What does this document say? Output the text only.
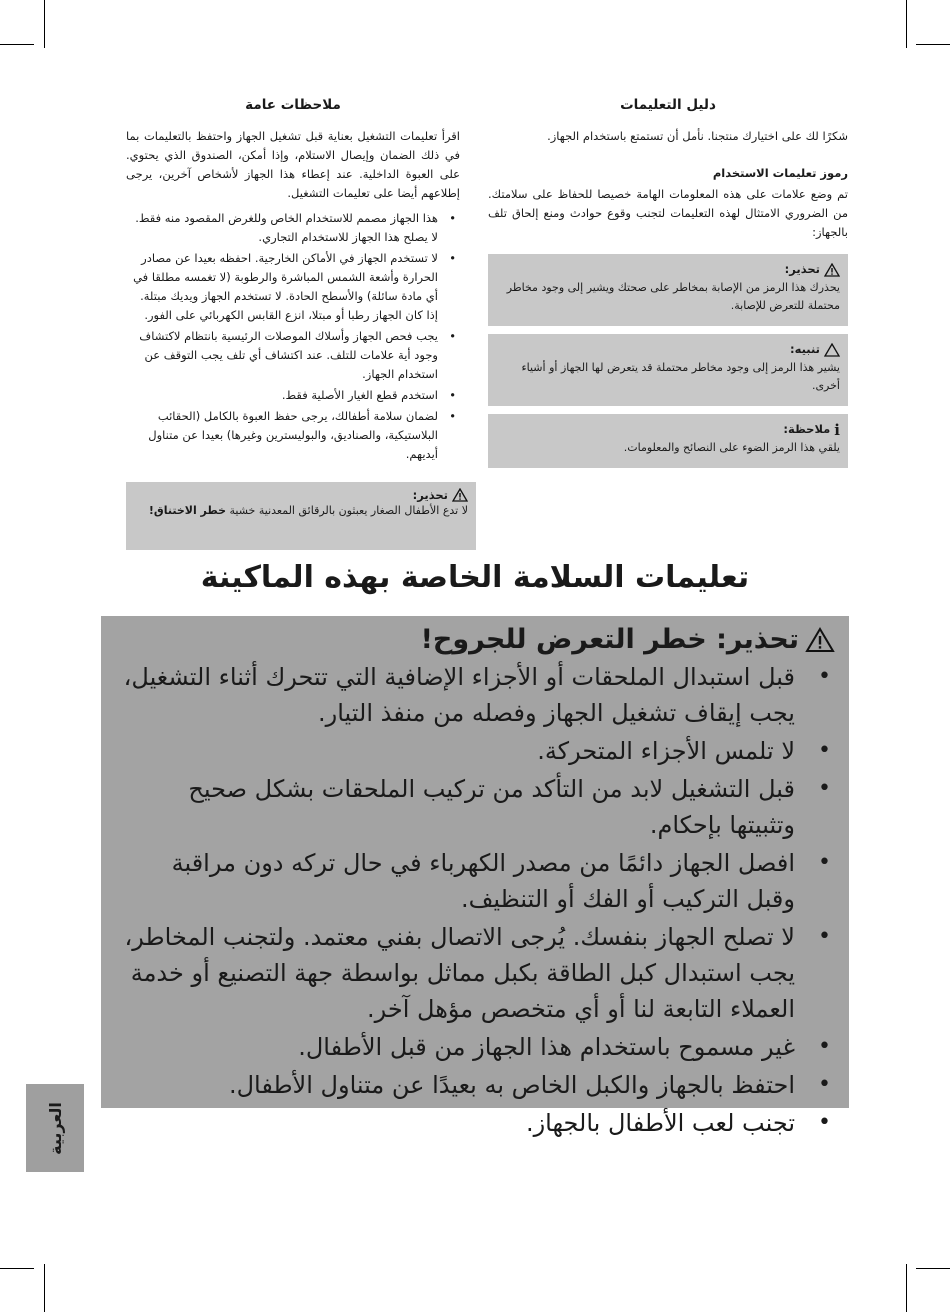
دليل التعليمات

شكرًا لك على اختيارك منتجنا. نأمل أن تستمتع باستخدام الجهاز.

رموز تعليمات الاستخدام

تم وضع علامات على هذه المعلومات الهامة خصيصا للحفاظ على سلامتك. من الضروري الامتثال لهذه التعليمات لتجنب وقوع حوادث ومنع إلحاق تلف بالجهاز:

تحذير:
يحذرك هذا الرمز من الإصابة بمخاطر على صحتك ويشير إلى وجود مخاطر محتملة للتعرض للإصابة.
تنبيه:
يشير هذا الرمز إلى وجود مخاطر محتملة قد يتعرض لها الجهاز أو أشياء أخرى.
i
ملاحظة:
يلقي هذا الرمز الضوء على النصائح والمعلومات.
ملاحظات عامة

اقرأ تعليمات التشغيل بعناية قبل تشغيل الجهاز واحتفظ بالتعليمات بما في ذلك الضمان وإيصال الاستلام، وإذا أمكن، الصندوق الذي يحتوي. على العبوة الداخلية. عند إعطاء هذا الجهاز لأشخاص آخرين، يرجى إطلاعهم أيضا على تعليمات التشغيل.

• هذا الجهاز مصمم للاستخدام الخاص وللغرض المقصود منه فقط. لا يصلح هذا الجهاز للاستخدام التجاري.
• لا تستخدم الجهاز في الأماكن الخارجية. احفظه بعيدا عن مصادر الحرارة وأشعة الشمس المباشرة والرطوبة (لا تغمسه مطلقا في أي مادة سائلة) والأسطح الحادة. لا تستخدم الجهاز ويديك مبتلة. إذا كان الجهاز رطبا أو مبتلا، انزع القابس الكهربائي على الفور.
• يجب فحص الجهاز وأسلاك الموصلات الرئيسية بانتظام لاكتشاف وجود أية علامات للتلف. عند اكتشاف أي تلف يجب التوقف عن استخدام الجهاز.
• استخدم قطع الغيار الأصلية فقط.
• لضمان سلامة أطفالك، يرجى حفظ العبوة بالكامل (الحقائب البلاستيكية، والصناديق، والبوليسترين وغيرها) بعيدا عن متناول أيديهم.
تحذير:
لا تدع الأطفال الصغار يعبثون بالرقائق المعدنية خشية خطر الاختناق!
تعليمات السلامة الخاصة بهذه الماكينة
تحذير: خطر التعرض للجروح!
• قبل استبدال الملحقات أو الأجزاء الإضافية التي تتحرك أثناء التشغيل، يجب إيقاف تشغيل الجهاز وفصله من منفذ التيار.
• لا تلمس الأجزاء المتحركة.
• قبل التشغيل لابد من التأكد من تركيب الملحقات بشكل صحيح وتثبيتها بإحكام.
• افصل الجهاز دائمًا من مصدر الكهرباء في حال تركه دون مراقبة وقبل التركيب أو الفك أو التنظيف.
• لا تصلح الجهاز بنفسك. يُرجى الاتصال بفني معتمد. ولتجنب المخاطر، يجب استبدال كبل الطاقة بكبل مماثل بواسطة جهة التصنيع أو خدمة العملاء التابعة لنا أو أي متخصص مؤهل آخر.
• غير مسموح باستخدام هذا الجهاز من قبل الأطفال.
• احتفظ بالجهاز والكبل الخاص به بعيدًا عن متناول الأطفال.
• تجنب لعب الأطفال بالجهاز.
العربية
